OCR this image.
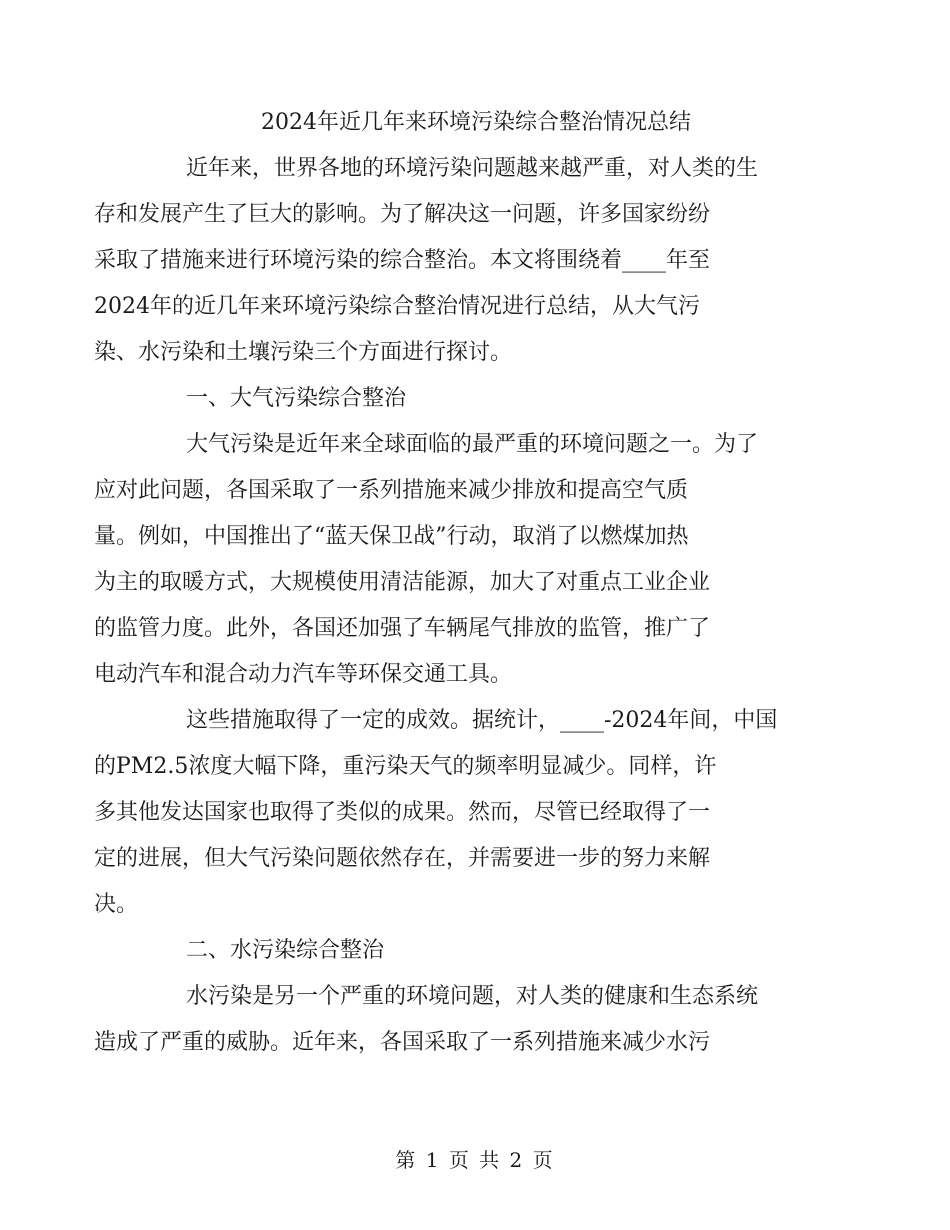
2024年近几年来环境污染综合整治情况总结
近年来，世界各地的环境污染问题越来越严重，对人类的生
存和发展产生了巨大的影响。为了解决这一问题，许多国家纷纷
采取了措施来进行环境污染的综合整治。本文将围绕着____年至
2024年的近几年来环境污染综合整治情况进行总结，从大气污
染、水污染和土壤污染三个方面进行探讨。
一、大气污染综合整治
大气污染是近年来全球面临的最严重的环境问题之一。为了
应对此问题，各国采取了一系列措施来减少排放和提高空气质
量。例如，中国推出了“蓝天保卫战”行动，取消了以燃煤加热
为主的取暖方式，大规模使用清洁能源，加大了对重点工业企业
的监管力度。此外，各国还加强了车辆尾气排放的监管，推广了
电动汽车和混合动力汽车等环保交通工具。
这些措施取得了一定的成效。据统计，____-2024年间，中国
的PM2.5浓度大幅下降，重污染天气的频率明显减少。同样，许
多其他发达国家也取得了类似的成果。然而，尽管已经取得了一
定的进展，但大气污染问题依然存在，并需要进一步的努力来解
决。
二、水污染综合整治
水污染是另一个严重的环境问题，对人类的健康和生态系统
造成了严重的威胁。近年来，各国采取了一系列措施来减少水污
第 1 页 共 2 页
